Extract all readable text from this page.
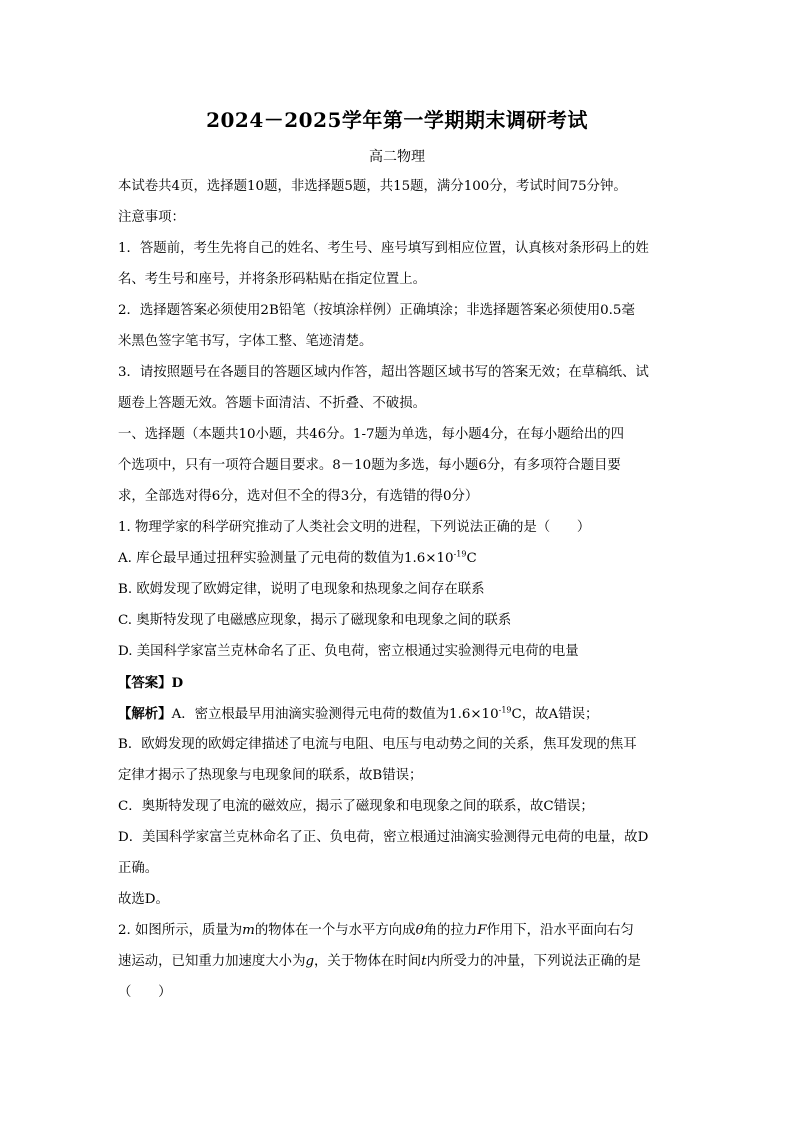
2024－2025学年第一学期期末调研考试
高二物理
本试卷共4页，选择题10题，非选择题5题，共15题，满分100分，考试时间75分钟。
注意事项：
1．答题前，考生先将自己的姓名、考生号、座号填写到相应位置，认真核对条形码上的姓
名、考生号和座号，并将条形码粘贴在指定位置上。
2．选择题答案必须使用2B铅笔（按填涂样例）正确填涂；非选择题答案必须使用0.5毫
米黑色签字笔书写，字体工整、笔迹清楚。
3．请按照题号在各题目的答题区域内作答，超出答题区域书写的答案无效；在草稿纸、试
题卷上答题无效。答题卡面清洁、不折叠、不破损。
一、选择题（本题共10小题，共46分。1-7题为单选，每小题4分，在每小题给出的四
个选项中，只有一项符合题目要求。8－10题为多选，每小题6分，有多项符合题目要
求，全部选对得6分，选对但不全的得3分，有选错的得0分）
1. 物理学家的科学研究推动了人类社会文明的进程，下列说法正确的是（　　）
A. 库仑最早通过扭秤实验测量了元电荷的数值为$1.6\times 10^{-19}C$
B. 欧姆发现了欧姆定律，说明了电现象和热现象之间存在联系
C. 奥斯特发现了电磁感应现象，揭示了磁现象和电现象之间的联系
D. 美国科学家富兰克林命名了正、负电荷，密立根通过实验测得元电荷的电量
【答案】D
【解析】A．密立根最早用油滴实验测得元电荷的数值为$1.6\times 10^{-19}C$，故A错误；
B．欧姆发现的欧姆定律描述了电流与电阻、电压与电动势之间的关系，焦耳发现的焦耳
定律才揭示了热现象与电现象间的联系，故B错误；
C．奥斯特发现了电流的磁效应，揭示了磁现象和电现象之间的联系，故C错误；
D．美国科学家富兰克林命名了正、负电荷，密立根通过油滴实验测得元电荷的电量，故D
正确。
故选D。
2. 如图所示，质量为m的物体在一个与水平方向成θ角的拉力F作用下，沿水平面向右匀
速运动，已知重力加速度大小为g，关于物体在时间t内所受力的冲量，下列说法正确的是
（　　）
